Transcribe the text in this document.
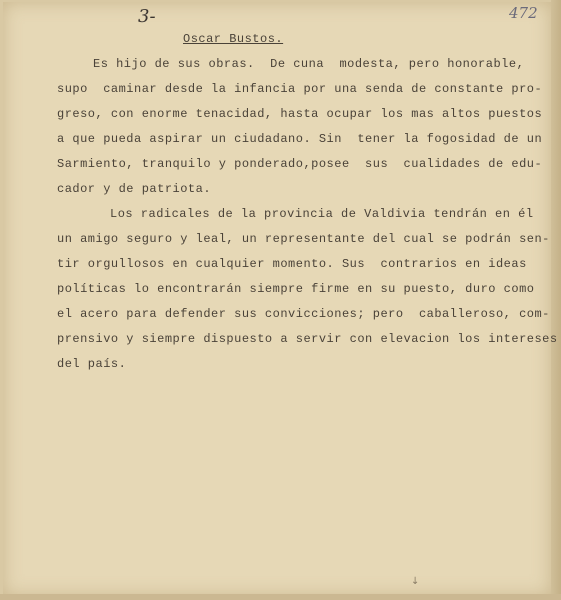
3-	472
Oscar Bustos.
Es hijo de sus obras.  De cuna  modesta, pero honorable,
supo  caminar desde la infancia por una senda de constante pro-
greso, con enorme tenacidad, hasta ocupar los mas altos puestos
a que pueda aspirar un ciudadano. Sin  tener la fogosidad de un
Sarmiento, tranquilo y ponderado,posee  sus  cualidades de edu-
cador y de patriota.
Los radicales de la provincia de Valdivia tendrán en él
un amigo seguro y leal, un representante del cual se podrán sen-
tir orgullosos en cualquier momento. Sus  contrarios en ideas
políticas lo encontrarán siempre firme en su puesto, duro como
el acero para defender sus convicciones; pero  caballeroso, com-
prensivo y siempre dispuesto a servir con elevacion los intereses
del país.
↓
